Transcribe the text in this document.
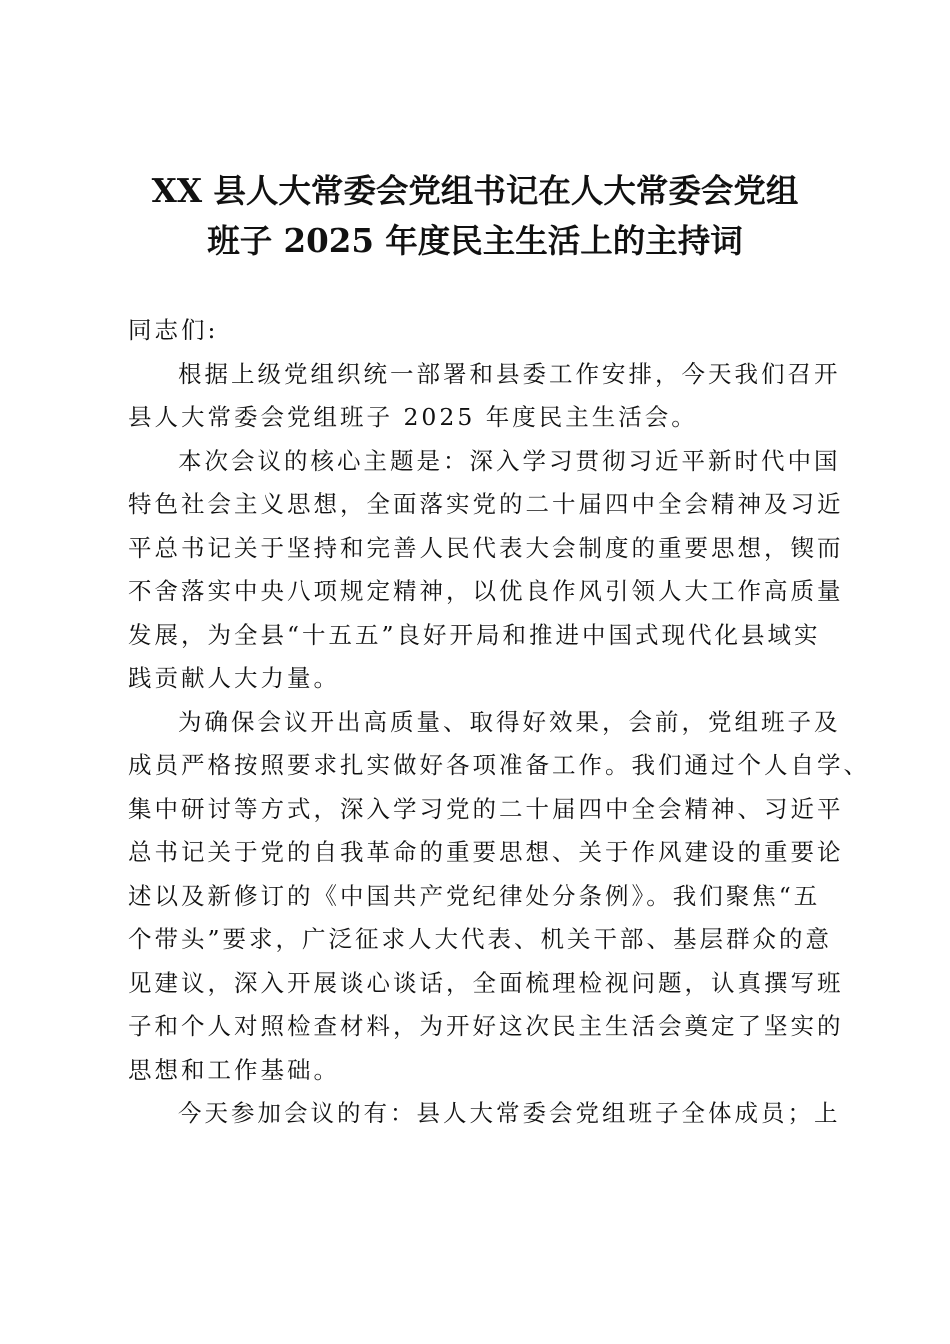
XX 县人大常委会党组书记在人大常委会党组
班子 2025 年度民主生活上的主持词
同志们:
根据上级党组织统一部署和县委工作安排，今天我们召开
县人大常委会党组班子 2025 年度民主生活会。
本次会议的核心主题是：深入学习贯彻习近平新时代中国
特色社会主义思想，全面落实党的二十届四中全会精神及习近
平总书记关于坚持和完善人民代表大会制度的重要思想，锲而
不舍落实中央八项规定精神，以优良作风引领人大工作高质量
发展，为全县“十五五”良好开局和推进中国式现代化县域实
践贡献人大力量。
为确保会议开出高质量、取得好效果，会前，党组班子及
成员严格按照要求扎实做好各项准备工作。我们通过个人自学、
集中研讨等方式，深入学习党的二十届四中全会精神、习近平
总书记关于党的自我革命的重要思想、关于作风建设的重要论
述以及新修订的《中国共产党纪律处分条例》。我们聚焦“五
个带头”要求，广泛征求人大代表、机关干部、基层群众的意
见建议，深入开展谈心谈话，全面梳理检视问题，认真撰写班
子和个人对照检查材料，为开好这次民主生活会奠定了坚实的
思想和工作基础。
今天参加会议的有：县人大常委会党组班子全体成员；上
